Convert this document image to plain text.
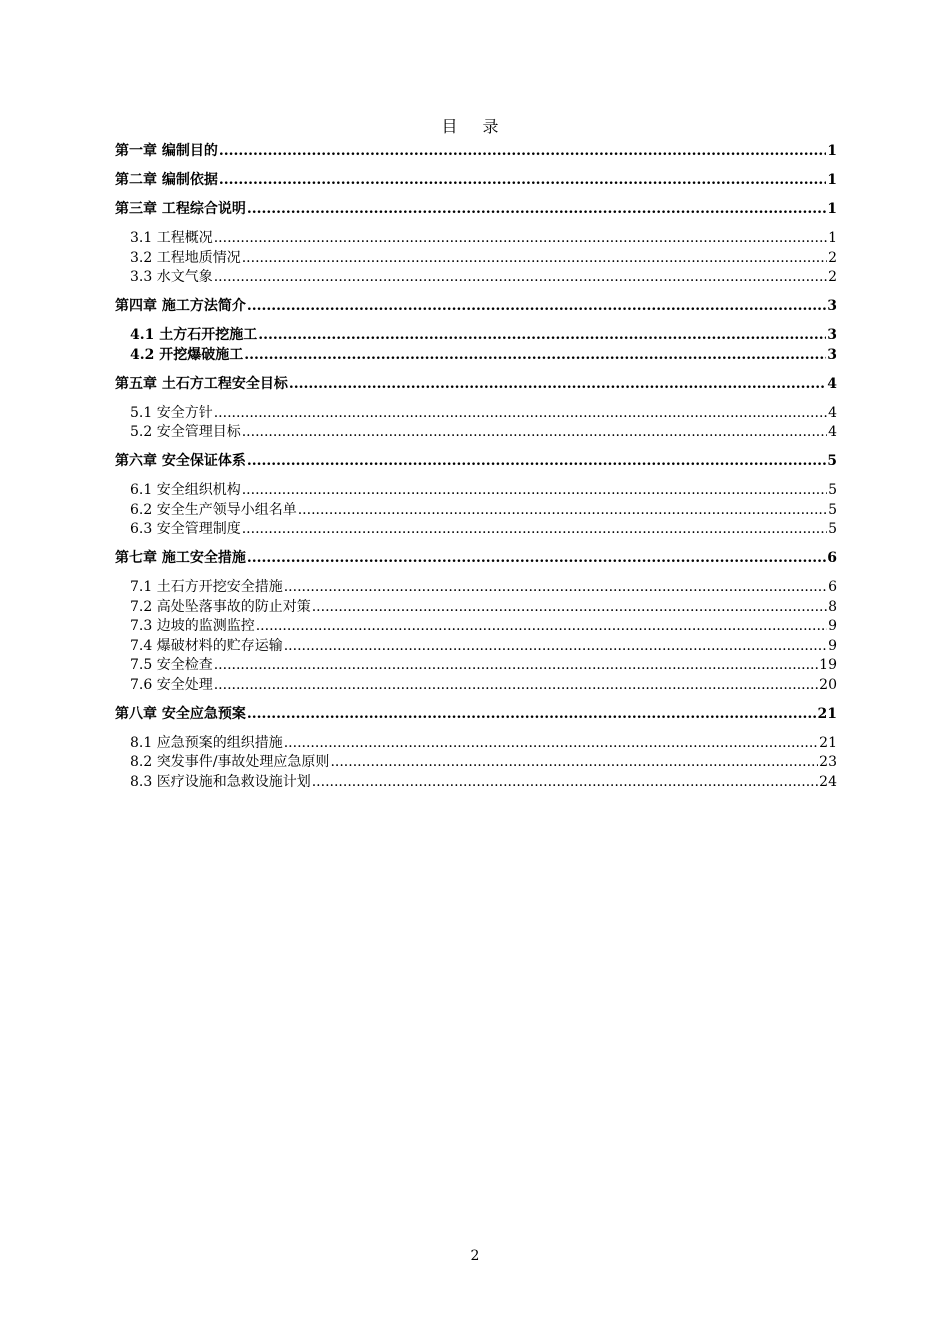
目 录
第一章 编制目的 .....	1
第二章 编制依据 .....	1
第三章 工程综合说明 .....	1
3.1 工程概况 .....	1
3.2 工程地质情况 .....	2
3.3 水文气象 .....	2
第四章 施工方法简介 .....	3
4.1 土方石开挖施工 .....	3
4.2 开挖爆破施工 .....	3
第五章 土石方工程安全目标 .....	4
5.1 安全方针 .....	4
5.2 安全管理目标 .....	4
第六章 安全保证体系 .....	5
6.1 安全组织机构 .....	5
6.2 安全生产领导小组名单 .....	5
6.3 安全管理制度 .....	5
第七章 施工安全措施 .....	6
7.1 土石方开挖安全措施 .....	6
7.2 高处坠落事故的防止对策 .....	8
7.3 边坡的监测监控 .....	9
7.4 爆破材料的贮存运输 .....	9
7.5 安全检查 .....	19
7.6 安全处理 .....	20
第八章 安全应急预案 .....	21
8.1 应急预案的组织措施 .....	21
8.2 突发事件/事故处理应急原则 .....	23
8.3 医疗设施和急救设施计划 .....	24
2
